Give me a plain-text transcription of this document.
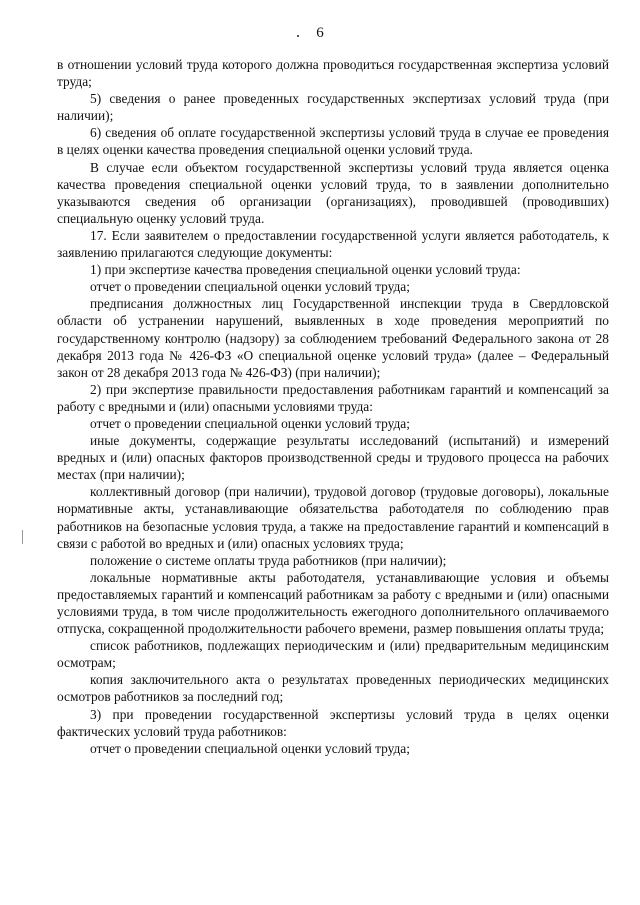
6

в отношении условий труда которого должна проводиться государственная экспертиза условий труда;

5) сведения о ранее проведенных государственных экспертизах условий труда (при наличии);

6) сведения об оплате государственной экспертизы условий труда в случае ее проведения в целях оценки качества проведения специальной оценки условий труда.

В случае если объектом государственной экспертизы условий труда является оценка качества проведения специальной оценки условий труда, то в заявлении дополнительно указываются сведения об организации (организациях), проводившей (проводивших) специальную оценку условий труда.

17. Если заявителем о предоставлении государственной услуги является работодатель, к заявлению прилагаются следующие документы:

1) при экспертизе качества проведения специальной оценки условий труда:

отчет о проведении специальной оценки условий труда;

предписания должностных лиц Государственной инспекции труда в Свердловской области об устранении нарушений, выявленных в ходе проведения мероприятий по государственному контролю (надзору) за соблюдением требований Федерального закона от 28 декабря 2013 года № 426-ФЗ «О специальной оценке условий труда» (далее – Федеральный закон от 28 декабря 2013 года № 426-ФЗ) (при наличии);

2) при экспертизе правильности предоставления работникам гарантий и компенсаций за работу с вредными и (или) опасными условиями труда:

отчет о проведении специальной оценки условий труда;

иные документы, содержащие результаты исследований (испытаний) и измерений вредных и (или) опасных факторов производственной среды и трудового процесса на рабочих местах (при наличии);

коллективный договор (при наличии), трудовой договор (трудовые договоры), локальные нормативные акты, устанавливающие обязательства работодателя по соблюдению прав работников на безопасные условия труда, а также на предоставление гарантий и компенсаций в связи с работой во вредных и (или) опасных условиях труда;

положение о системе оплаты труда работников (при наличии);

локальные нормативные акты работодателя, устанавливающие условия и объемы предоставляемых гарантий и компенсаций работникам за работу с вредными и (или) опасными условиями труда, в том числе продолжительность ежегодного дополнительного оплачиваемого отпуска, сокращенной продолжительности рабочего времени, размер повышения оплаты труда;

список работников, подлежащих периодическим и (или) предварительным медицинским осмотрам;

копия заключительного акта о результатах проведенных периодических медицинских осмотров работников за последний год;

3) при проведении государственной экспертизы условий труда в целях оценки фактических условий труда работников:

отчет о проведении специальной оценки условий труда;
